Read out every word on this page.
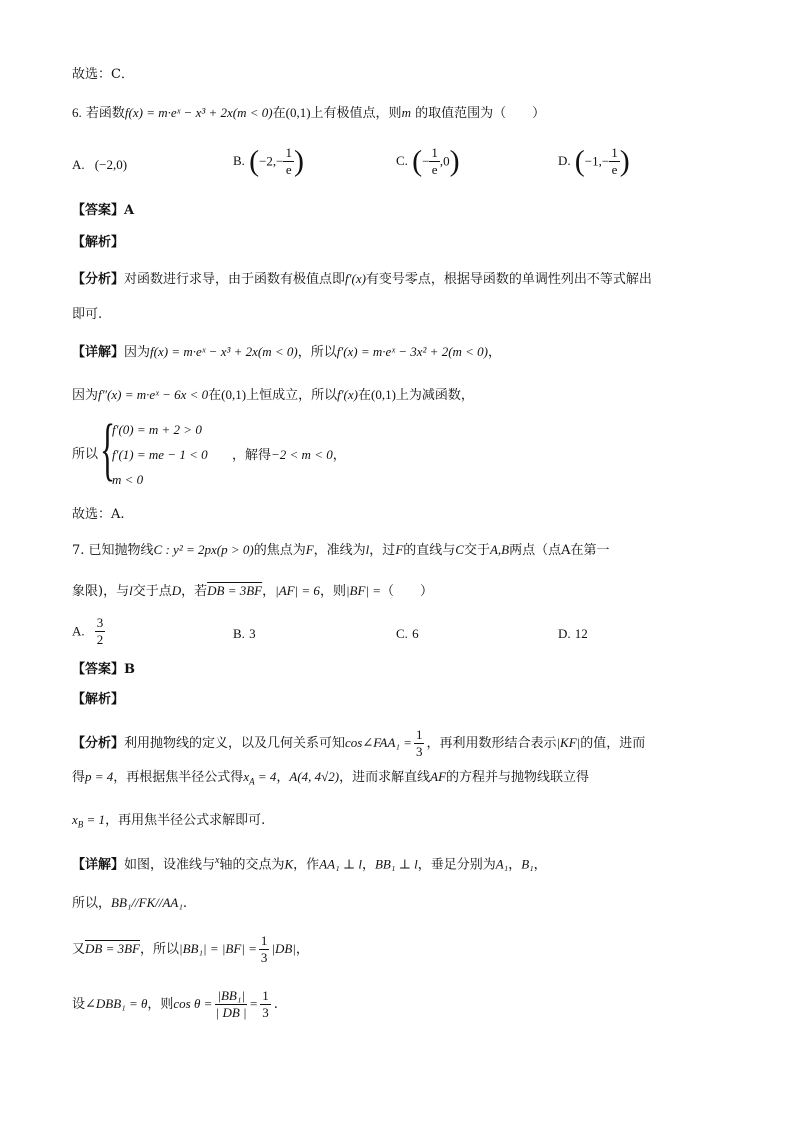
故选：C．
6. 若函数f(x) = m·eˣ − x³ + 2x(m < 0)在(0,1)上有极值点，则m 的取值范围为（　　）
A. (−2,0)	B. ($-2,- \frac{1}{e}$ )	C. (− $\frac{1}{e} ,0$)	D. ($-1,- \frac{1}{e}$ )
【答案】A
【解析】
【分析】对函数进行求导，由于函数有极值点即f′(x)有变号零点，根据导函数的单调性列出不等式解出
即可.
【详解】因为f(x) = m·eˣ − x³ + 2x(m < 0)，所以f′(x) = m·eˣ − 3x² + 2(m < 0)，
因为f″(x) = m·eˣ − 6x < 0在(0,1)上恒成立，所以f′(x)在(0,1)上为减函数，
所以 {
f′(0) = m + 2 > 0
f′(1) = me − 1 < 0
m < 0
，解得−2 < m < 0，
故选：A.
7. 已知抛物线C : y² = 2px(p > 0)的焦点为F，准线为l，过F的直线与C交于A,B两点（点A在第一
象限)，与l交于点D，若DB = 3BF，|AF| = 6，则|BF| =（　　）
A. $\frac{3}{2}$	B. 3	C. 6	D. 12
【答案】B
【解析】
【分析】利用抛物线的定义，以及几何关系可知cos∠FAA₁ = $\frac{1}{3}$ ，再利用数形结合表示|KF|的值，进而
得p = 4，再根据焦半径公式得$x_A = 4$，A(4, 4√2)，进而求解直线AF的方程并与抛物线联立得
$x_B = 1$，再用焦半径公式求解即可.
【详解】如图，设准线与$^x$轴的交点为K，作AA₁ ⊥ l，BB₁ ⊥ l，垂足分别为A₁，B₁，
所以，BB₁//FK//AA₁.
又DB = 3BF，所以$|BB_1| = |BF| = \frac{1}{3} |DB|$，
设∠DBB₁ = θ，则$\cos \theta = \frac{\text{|BB₁|}}{| DB |} = \frac{1}{3}$ .
